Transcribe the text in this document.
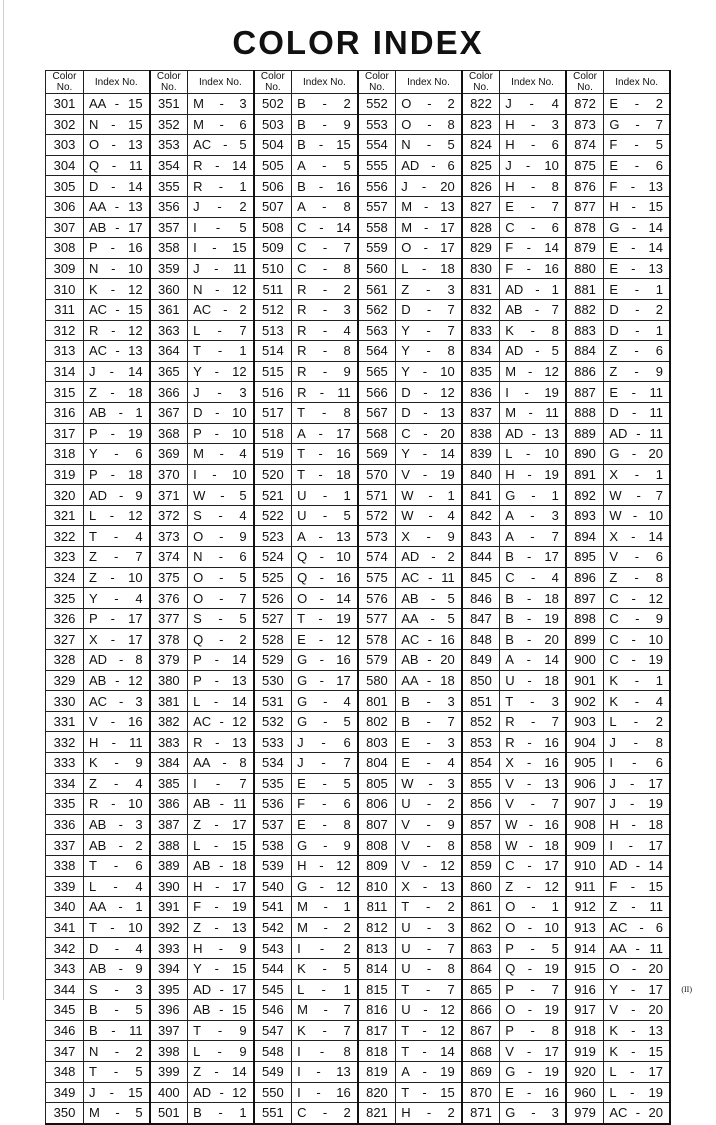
COLOR INDEX
Color No.	Index No.	Color No.	Index No.	Color No.	Index No.	Color No.	Index No.	Color No.	Index No.	Color No.	Index No.
301	AA - 15	351	M - 3	502	B - 2	552	O - 2	822	J - 4	872	E - 2
302	N - 15	352	M - 6	503	B - 9	553	O - 8	823	H - 3	873	G - 7
303	O - 13	353	AC - 5	504	B - 15	554	N - 5	824	H - 6	874	F - 5
304	Q - 11	354	R - 14	505	A - 5	555	AD - 6	825	J - 10	875	E - 6
305	D - 14	355	R - 1	506	B - 16	556	J - 20	826	H - 8	876	F - 13
306	AA - 13	356	J - 2	507	A - 8	557	M - 13	827	E - 7	877	H - 15
307	AB - 17	357	I - 5	508	C - 14	558	M - 17	828	C - 6	878	G - 14
308	P - 16	358	I - 15	509	C - 7	559	O - 17	829	F - 14	879	E - 14
309	N - 10	359	J - 11	510	C - 8	560	L - 18	830	F - 16	880	E - 13
310	K - 12	360	N - 12	511	R - 2	561	Z - 3	831	AD - 1	881	E - 1
311	AC - 15	361	AC - 2	512	R - 3	562	D - 7	832	AB - 7	882	D - 2
312	R - 12	363	L - 7	513	R - 4	563	Y - 7	833	K - 8	883	D - 1
313	AC - 13	364	T - 1	514	R - 8	564	Y - 8	834	AD - 5	884	Z - 6
314	J - 14	365	Y - 12	515	R - 9	565	Y - 10	835	M - 12	886	Z - 9
315	Z - 18	366	J - 3	516	R - 11	566	D - 12	836	I - 19	887	E - 11
316	AB - 1	367	D - 10	517	T - 8	567	D - 13	837	M - 11	888	D - 11
317	P - 19	368	P - 10	518	A - 17	568	C - 20	838	AD - 13	889	AD - 11
318	Y - 6	369	M - 4	519	T - 16	569	Y - 14	839	L - 10	890	G - 20
319	P - 18	370	I - 10	520	T - 18	570	V - 19	840	H - 19	891	X - 1
320	AD - 9	371	W - 5	521	U - 1	571	W - 1	841	G - 1	892	W - 7
321	L - 12	372	S - 4	522	U - 5	572	W - 4	842	A - 3	893	W - 10
322	T - 4	373	O - 9	523	A - 13	573	X - 9	843	A - 7	894	X - 14
323	Z - 7	374	N - 6	524	Q - 10	574	AD - 2	844	B - 17	895	V - 6
324	Z - 10	375	O - 5	525	Q - 16	575	AC - 11	845	C - 4	896	Z - 8
325	Y - 4	376	O - 7	526	O - 14	576	AB - 5	846	B - 18	897	C - 12
326	P - 17	377	S - 5	527	T - 19	577	AA - 5	847	B - 19	898	C - 9
327	X - 17	378	Q - 2	528	E - 12	578	AC - 16	848	B - 20	899	C - 10
328	AD - 8	379	P - 14	529	G - 16	579	AB - 20	849	A - 14	900	C - 19
329	AB - 12	380	P - 13	530	G - 17	580	AA - 18	850	U - 18	901	K - 1
330	AC - 3	381	L - 14	531	G - 4	801	B - 3	851	T - 3	902	K - 4
331	V - 16	382	AC - 12	532	G - 5	802	B - 7	852	R - 7	903	L - 2
332	H - 11	383	R - 13	533	J - 6	803	E - 3	853	R - 16	904	J - 8
333	K - 9	384	AA - 8	534	J - 7	804	E - 4	854	X - 16	905	I - 6
334	Z - 4	385	I - 7	535	E - 5	805	W - 3	855	V - 13	906	J - 17
335	R - 10	386	AB - 11	536	F - 6	806	U - 2	856	V - 7	907	J - 19
336	AB - 3	387	Z - 17	537	E - 8	807	V - 9	857	W - 16	908	H - 18
337	AB - 2	388	L - 15	538	G - 9	808	V - 8	858	W - 18	909	I - 17
338	T - 6	389	AB - 18	539	H - 12	809	V - 12	859	C - 17	910	AD - 14
339	L - 4	390	H - 17	540	G - 12	810	X - 13	860	Z - 12	911	F - 15
340	AA - 1	391	F - 19	541	M - 1	811	T - 2	861	O - 1	912	Z - 11
341	T - 10	392	Z - 13	542	M - 2	812	U - 3	862	O - 10	913	AC - 6
342	D - 4	393	H - 9	543	I - 2	813	U - 7	863	P - 5	914	AA - 11
343	AB - 9	394	Y - 15	544	K - 5	814	U - 8	864	Q - 19	915	O - 20
344	S - 3	395	AD - 17	545	L - 1	815	T - 7	865	P - 7	916	Y - 17
345	B - 5	396	AB - 15	546	M - 7	816	U - 12	866	O - 19	917	V - 20
346	B - 11	397	T - 9	547	K - 7	817	T - 12	867	P - 8	918	K - 13
347	N - 2	398	L - 9	548	I - 8	818	T - 14	868	V - 17	919	K - 15
348	T - 5	399	Z - 14	549	I - 13	819	A - 19	869	G - 19	920	L - 17
349	J - 15	400	AD - 12	550	I - 16	820	T - 15	870	E - 16	960	L - 19
350	M - 5	501	B - 1	551	C - 2	821	H - 2	871	G - 3	979	AC - 20
(II)
